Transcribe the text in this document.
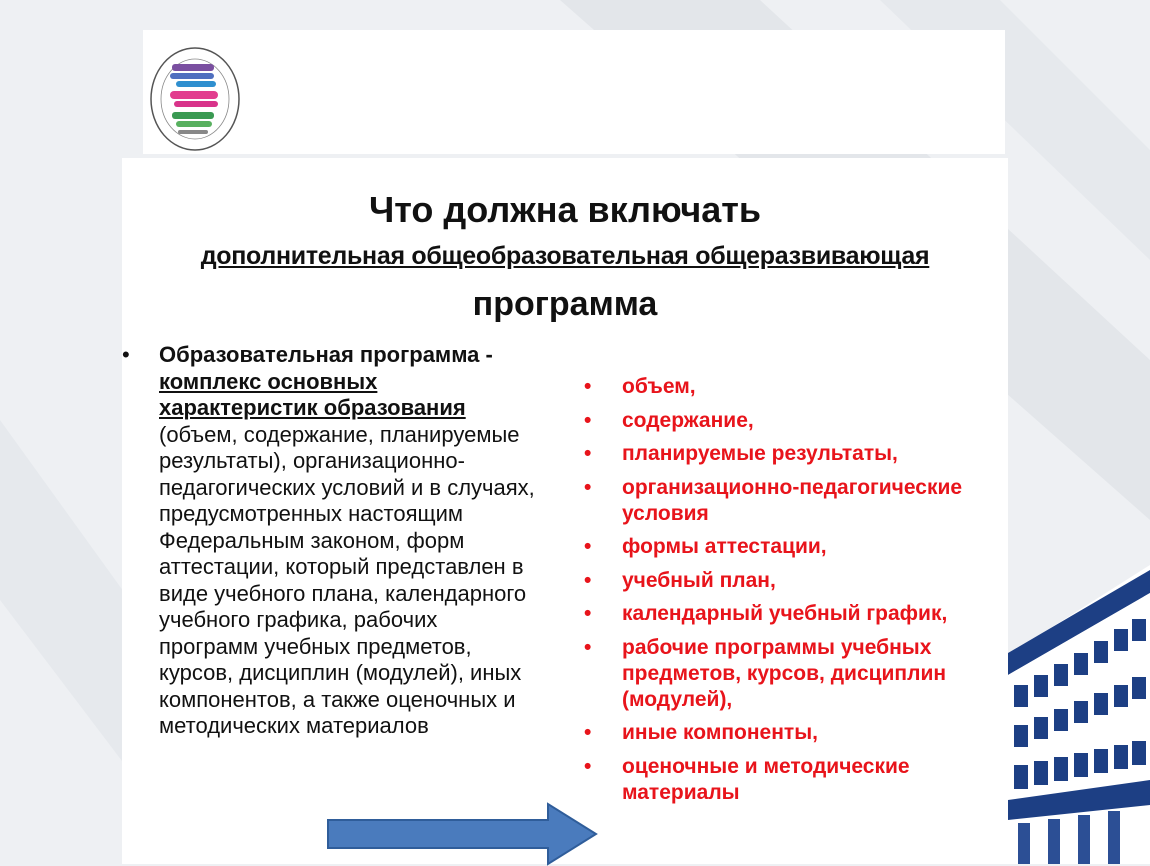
Что должна включать
дополнительная общеобразовательная общеразвивающая
программа
• Образовательная программа - комплекс основных характеристик образования (объем, содержание, планируемые результаты), организационно-педагогических условий и в случаях, предусмотренных настоящим Федеральным законом, форм аттестации, который представлен в виде учебного плана, календарного учебного графика, рабочих программ учебных предметов, курсов, дисциплин (модулей), иных компонентов, а также оценочных и методических материалов
• объем,
• содержание,
• планируемые результаты,
• организационно-педагогические условия
• формы аттестации,
• учебный план,
• календарный учебный график,
• рабочие программы учебных предметов, курсов, дисциплин (модулей),
• иные компоненты,
• оценочные и методические материалы
